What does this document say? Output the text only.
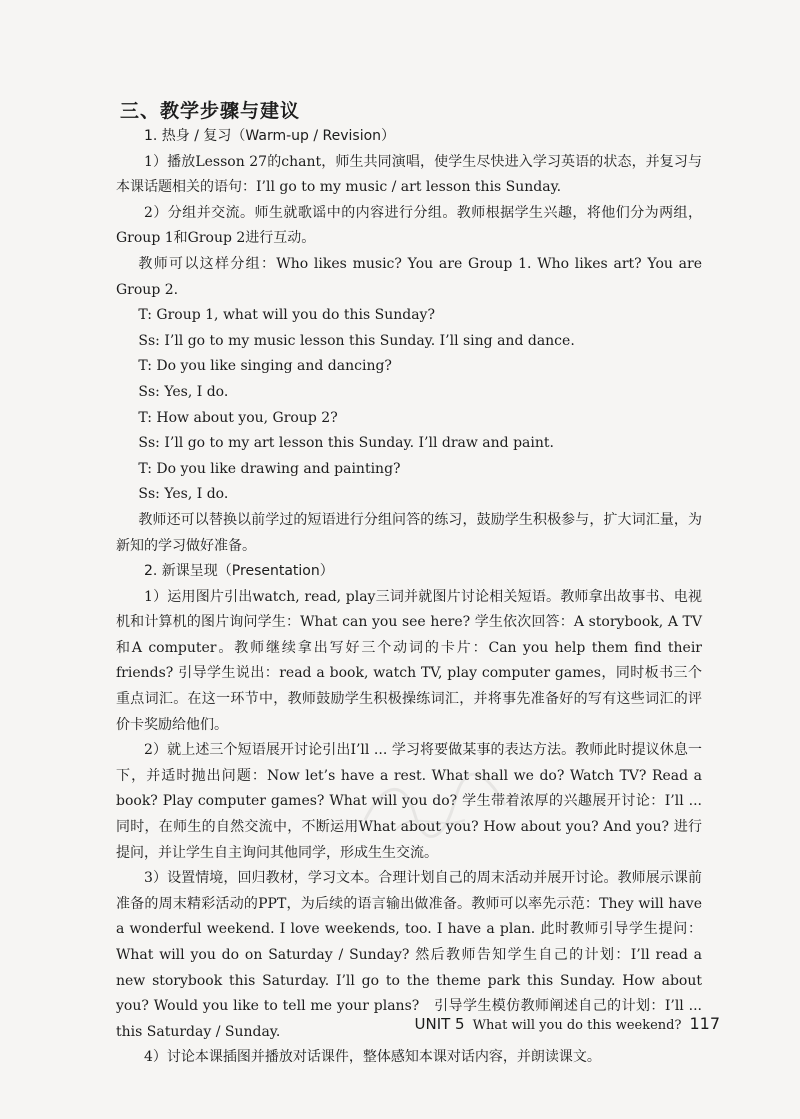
三、教学步骤与建议

1. 热身 / 复习（Warm-up / Revision）

1）播放Lesson 27的chant，师生共同演唱，使学生尽快进入学习英语的状态，并复习与本课话题相关的语句：I’ll go to my music / art lesson this Sunday.

2）分组并交流。师生就歌谣中的内容进行分组。教师根据学生兴趣，将他们分为两组，Group 1和Group 2进行互动。

教师可以这样分组：Who likes music? You are Group 1. Who likes art? You are Group 2.

T: Group 1, what will you do this Sunday?

Ss: I’ll go to my music lesson this Sunday. I’ll sing and dance.

T: Do you like singing and dancing?

Ss: Yes, I do.

T: How about you, Group 2?

Ss: I’ll go to my art lesson this Sunday. I’ll draw and paint.

T: Do you like drawing and painting?

Ss: Yes, I do.

教师还可以替换以前学过的短语进行分组问答的练习，鼓励学生积极参与，扩大词汇量，为新知的学习做好准备。

2. 新课呈现（Presentation）

1）运用图片引出watch, read, play三词并就图片讨论相关短语。教师拿出故事书、电视机和计算机的图片询问学生：What can you see here? 学生依次回答：A storybook, A TV和A computer。教师继续拿出写好三个动词的卡片：Can you help them find their friends? 引导学生说出：read a book, watch TV, play computer games，同时板书三个重点词汇。在这一环节中，教师鼓励学生积极操练词汇，并将事先准备好的写有这些词汇的评价卡奖励给他们。

2）就上述三个短语展开讨论引出I’ll ... 学习将要做某事的表达方法。教师此时提议休息一下，并适时抛出问题：Now let’s have a rest. What shall we do? Watch TV? Read a book? Play computer games? What will you do? 学生带着浓厚的兴趣展开讨论：I’ll ... 同时，在师生的自然交流中，不断运用What about you? How about you? And you? 进行提问，并让学生自主询问其他同学，形成生生交流。

3）设置情境，回归教材，学习文本。合理计划自己的周末活动并展开讨论。教师展示课前准备的周末精彩活动的PPT，为后续的语言输出做准备。教师可以率先示范：They will have a wonderful weekend. I love weekends, too. I have a plan. 此时教师引导学生提问：What will you do on Saturday / Sunday? 然后教师告知学生自己的计划：I’ll read a new storybook this Saturday. I’ll go to the theme park this Sunday. How about you? Would you like to tell me your plans?　引导学生模仿教师阐述自己的计划：I’ll ... this Saturday / Sunday.

4）讨论本课插图并播放对话课件，整体感知本课对话内容，并朗读课文。

UNIT 5 What will you do this weekend? 117
